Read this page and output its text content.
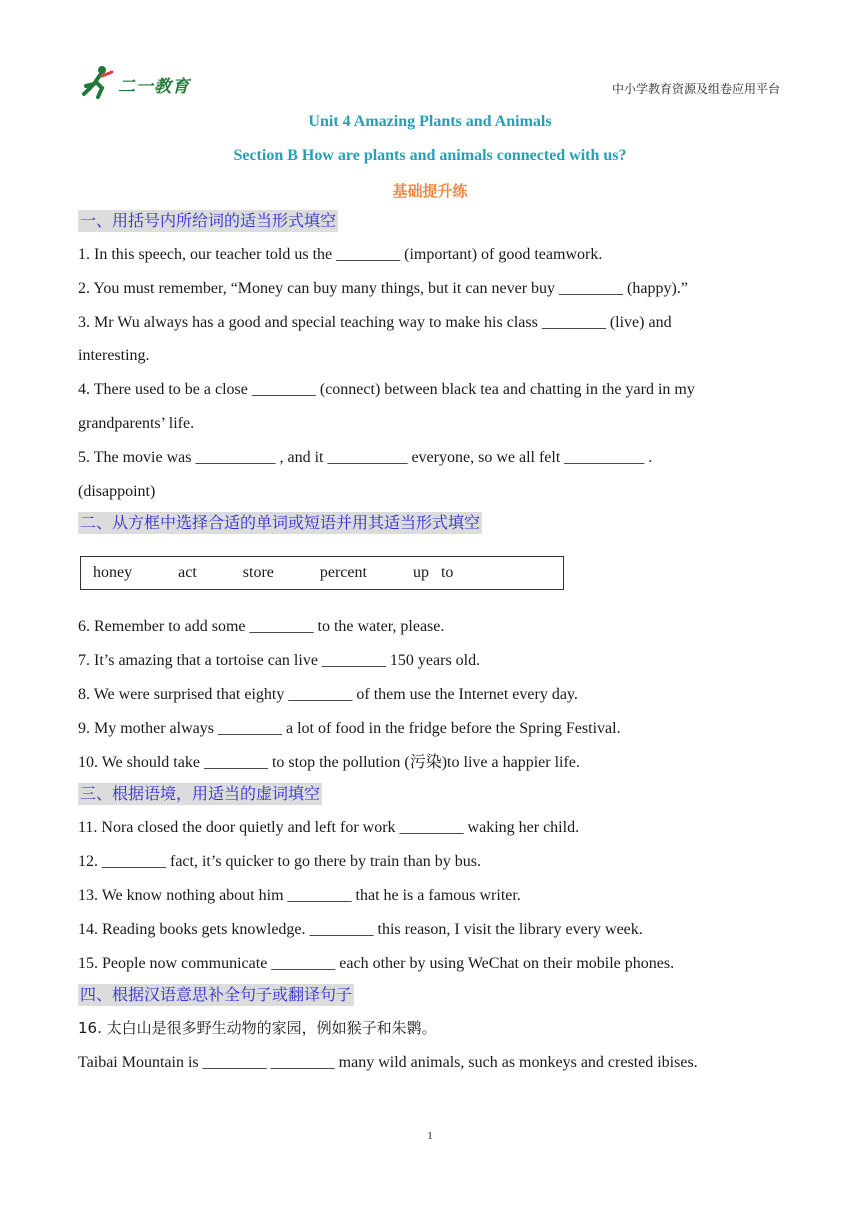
二一教育	中小学教育资源及组卷应用平台
Unit 4 Amazing Plants and Animals
Section B How are plants and animals connected with us?
基础提升练
一、用括号内所给词的适当形式填空

1. In this speech, our teacher told us the ________ (important) of good teamwork.

2. You must remember, “Money can buy many things, but it can never buy ________ (happy).”

3. Mr Wu always has a good and special teaching way to make his class ________ (live) and

interesting.

4. There used to be a close ________ (connect) between black tea and chatting in the yard in my

grandparents’ life.

5. The movie was __________ , and it __________ everyone, so we all felt __________ .

(disappoint)

二、从方框中选择合适的单词或短语并用其适当形式填空
honey	act	store	percent	up to

6. Remember to add some ________ to the water, please.

7. It’s amazing that a tortoise can live ________ 150 years old.

8. We were surprised that eighty ________ of them use the Internet every day.

9. My mother always ________ a lot of food in the fridge before the Spring Festival.

10. We should take ________ to stop the pollution (污染)to live a happier life.

三、根据语境，用适当的虚词填空

11. Nora closed the door quietly and left for work ________ waking her child.

12. ________ fact, it’s quicker to go there by train than by bus.

13. We know nothing about him ________ that he is a famous writer.

14. Reading books gets knowledge. ________ this reason, I visit the library every week.

15. People now communicate ________ each other by using WeChat on their mobile phones.

四、根据汉语意思补全句子或翻译句子

16. 太白山是很多野生动物的家园，例如猴子和朱鹮。

Taibai Mountain is ________ ________ many wild animals, such as monkeys and crested ibises.

1
